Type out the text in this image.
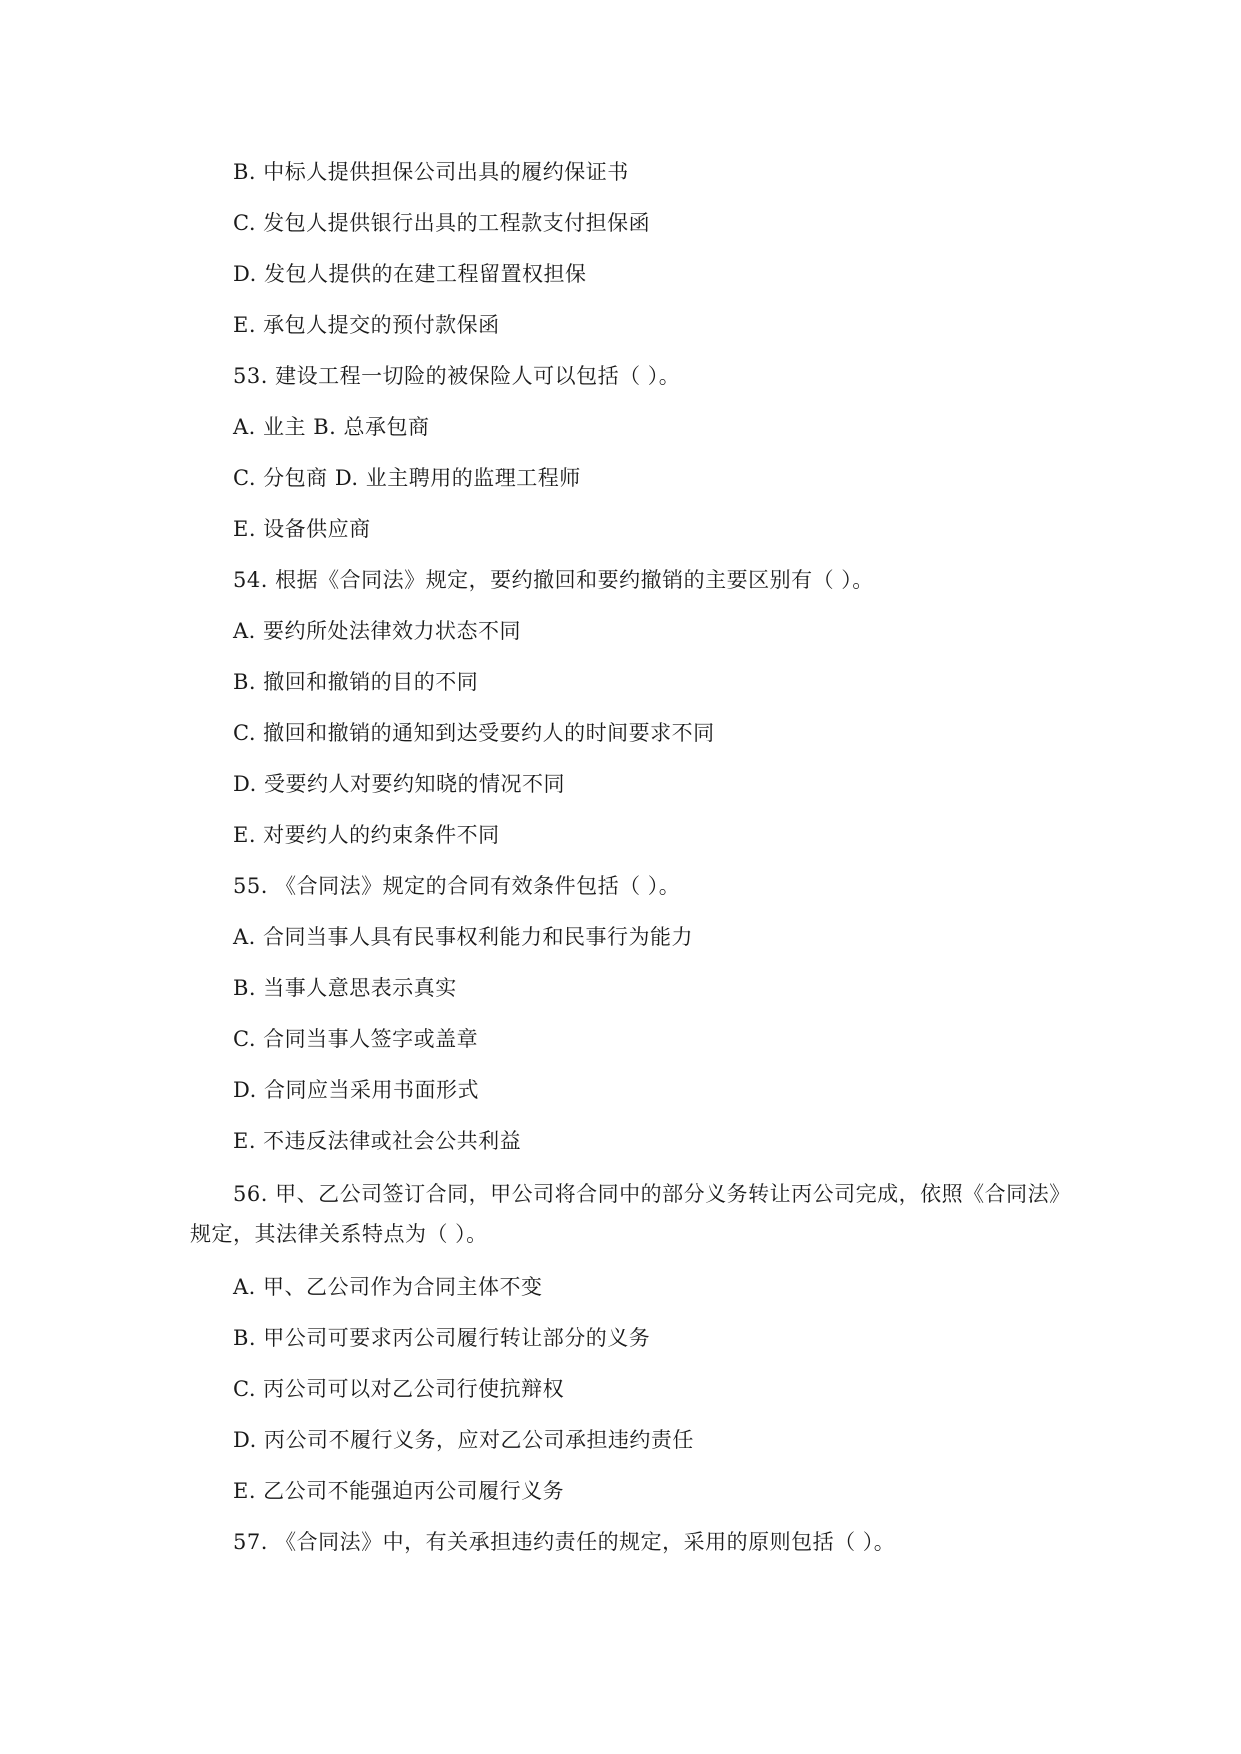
B. 中标人提供担保公司出具的履约保证书
C. 发包人提供银行出具的工程款支付担保函
D. 发包人提供的在建工程留置权担保
E. 承包人提交的预付款保函
53. 建设工程一切险的被保险人可以包括（ ）。
A. 业主 B. 总承包商
C. 分包商 D. 业主聘用的监理工程师
E. 设备供应商
54. 根据《合同法》规定，要约撤回和要约撤销的主要区别有（ ）。
A. 要约所处法律效力状态不同
B. 撤回和撤销的目的不同
C. 撤回和撤销的通知到达受要约人的时间要求不同
D. 受要约人对要约知晓的情况不同
E. 对要约人的约束条件不同
55. 《合同法》规定的合同有效条件包括（ ）。
A. 合同当事人具有民事权利能力和民事行为能力
B. 当事人意思表示真实
C. 合同当事人签字或盖章
D. 合同应当采用书面形式
E. 不违反法律或社会公共利益
56. 甲、乙公司签订合同，甲公司将合同中的部分义务转让丙公司完成，依照《合同法》规定，其法律关系特点为（ ）。
A. 甲、乙公司作为合同主体不变
B. 甲公司可要求丙公司履行转让部分的义务
C. 丙公司可以对乙公司行使抗辩权
D. 丙公司不履行义务，应对乙公司承担违约责任
E. 乙公司不能强迫丙公司履行义务
57. 《合同法》中，有关承担违约责任的规定，采用的原则包括（ ）。
